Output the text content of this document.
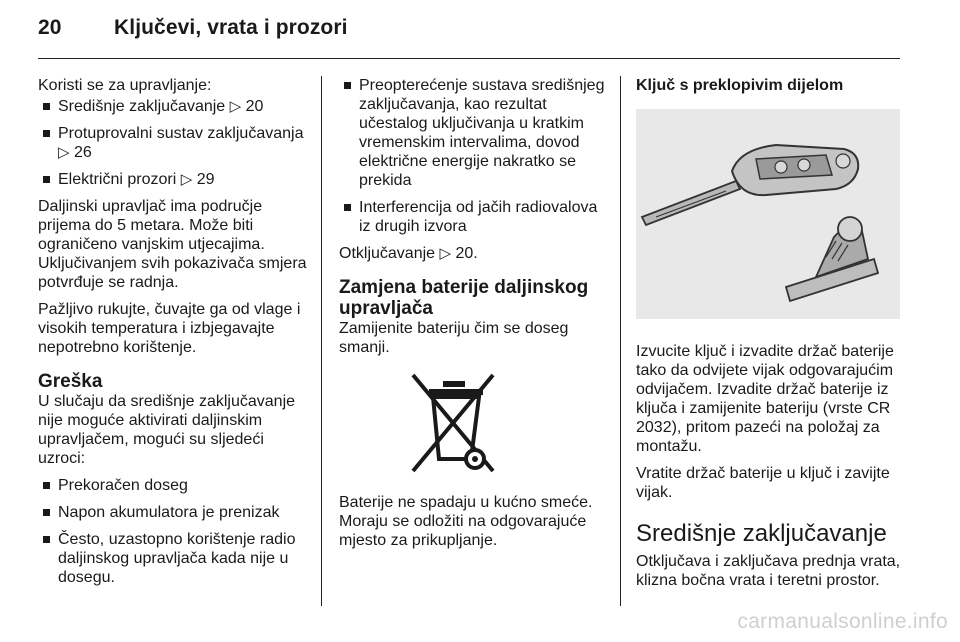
20 Ključevi, vrata i prozori
Koristi se za upravljanje:
Središnje zaključavanje ▷ 20
Protuprovalni sustav zaključavanja ▷ 26
Električni prozori ▷ 29
Daljinski upravljač ima područje prijema do 5 metara. Može biti ograničeno vanjskim utjecajima. Uključivanjem svih pokazivača smjera potvrđuje se radnja.
Pažljivo rukujte, čuvajte ga od vlage i visokih temperatura i izbjegavajte nepotrebno korištenje.
Greška
U slučaju da središnje zaključavanje nije moguće aktivirati daljinskim upravljačem, mogući su sljedeći uzroci:
Prekoračen doseg
Napon akumulatora je prenizak
Često, uzastopno korištenje radio daljinskog upravljača kada nije u dosegu.
Preopterećenje sustava središnjeg zaključavanja, kao rezultat učestalog uključivanja u kratkim vremenskim intervalima, dovod električne energije nakratko se prekida
Interferencija od jačih radiovalova iz drugih izvora
Otključavanje ▷ 20.
Zamjena baterije daljinskog upravljača
Zamijenite bateriju čim se doseg smanji.
Baterije ne spadaju u kućno smeće. Moraju se odložiti na odgovarajuće mjesto za prikupljanje.
Ključ s preklopivim dijelom
Izvucite ključ i izvadite držač baterije tako da odvijete vijak odgovarajućim odvijačem. Izvadite držač baterije iz ključa i zamijenite bateriju (vrste CR 2032), pritom pazeći na položaj za montažu.
Vratite držač baterije u ključ i zavijte vijak.
Središnje zaključavanje
Otključava i zaključava prednja vrata, klizna bočna vrata i teretni prostor.
carmanualsonline.info
